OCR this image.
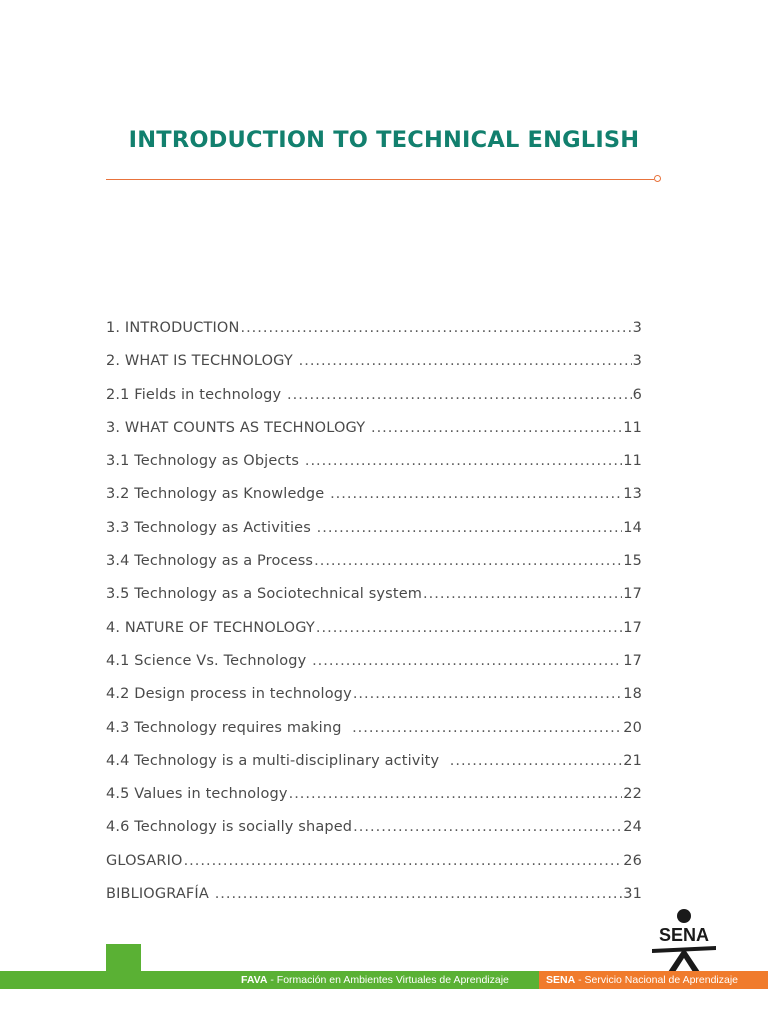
INTRODUCTION TO TECHNICAL ENGLISH
1. INTRODUCTION .....	3
2. WHAT IS TECHNOLOGY .....	3
2.1 Fields in technology .....	6
3. WHAT COUNTS AS TECHNOLOGY .....	11
3.1 Technology as Objects .....	11
3.2 Technology as Knowledge .....	13
3.3 Technology as Activities .....	14
3.4 Technology as a Process .....	15
3.5 Technology as a Sociotechnical system .....	17
4. NATURE OF TECHNOLOGY .....	17
4.1 Science Vs. Technology .....	17
4.2 Design process in technology .....	18
4.3 Technology requires making .....	20
4.4 Technology is a multi-disciplinary activity .....	21
4.5 Values in technology .....	22
4.6 Technology is socially shaped .....	24
GLOSARIO .....	26
BIBLIOGRAFÍA .....	31
SENA
FAVA - Formación en Ambientes Virtuales de Aprendizaje	SENA - Servicio Nacional de Aprendizaje
